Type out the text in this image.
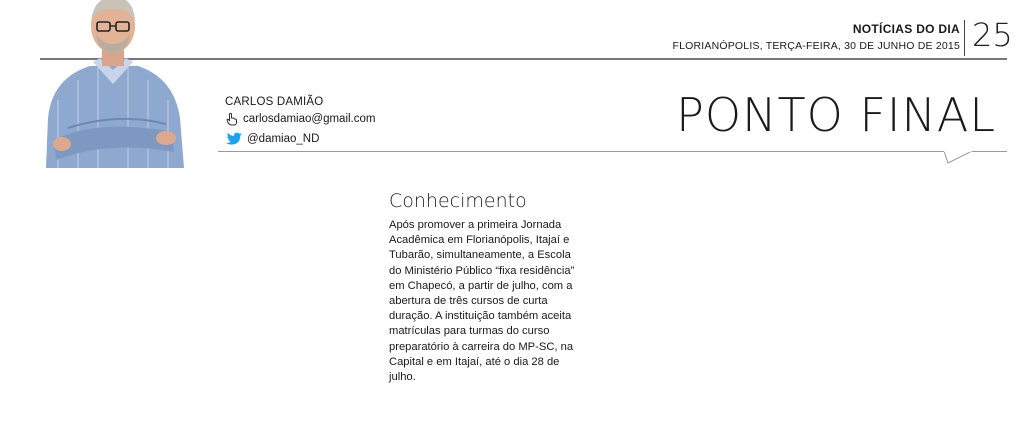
NOTÍCIAS DO DIA
FLORIANÓPOLIS, TERÇA-FEIRA, 30 DE JUNHO DE 2015 25
CARLOS DAMIÃO
carlosdamiao@gmail.com
@damiao_ND	PONTO FINAL
Conhecimento

Após promover a primeira Jornada Acadêmica em Florianópolis, Itajaí e Tubarão, simultaneamente, a Escola do Ministério Público “fixa residência” em Chapecó, a partir de julho, com a abertura de três cursos de curta duração. A instituição também aceita matrículas para turmas do curso preparatório à carreira do MP-SC, na Capital e em Itajaí, até o dia 28 de julho.
